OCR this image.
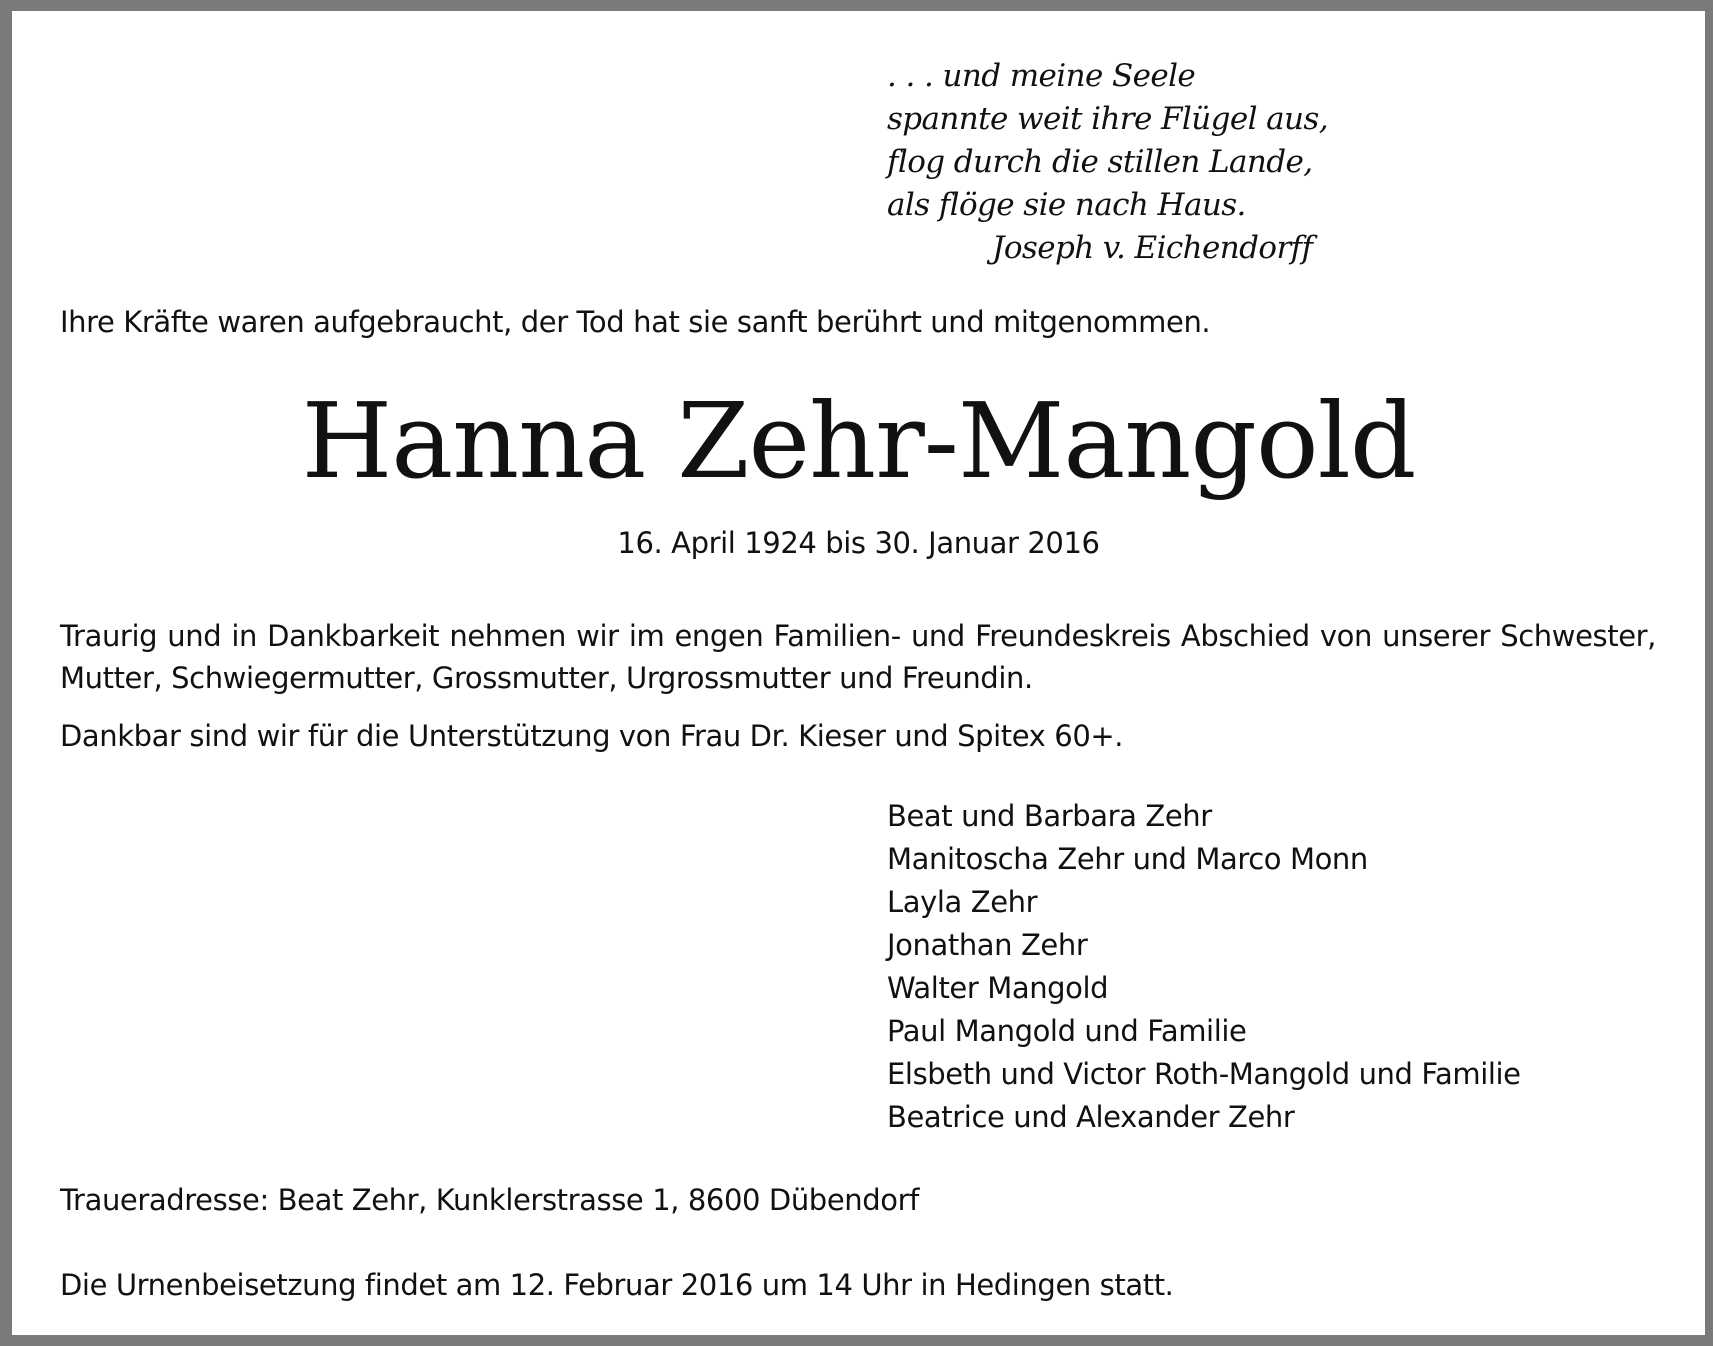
. . . und meine Seele
spannte weit ihre Flügel aus,
flog durch die stillen Lande,
als flöge sie nach Haus.
Joseph v. Eichendorff
Ihre Kräfte waren aufgebraucht, der Tod hat sie sanft berührt und mitgenommen.
Hanna Zehr-Mangold
16. April 1924 bis 30. Januar 2016
Traurig und in Dankbarkeit nehmen wir im engen Familien- und Freundeskreis Abschied von unserer Schwester, Mutter, Schwiegermutter, Grossmutter, Urgrossmutter und Freundin.
Dankbar sind wir für die Unterstützung von Frau Dr. Kieser und Spitex 60+.
Beat und Barbara Zehr
Manitoscha Zehr und Marco Monn
Layla Zehr
Jonathan Zehr
Walter Mangold
Paul Mangold und Familie
Elsbeth und Victor Roth-Mangold und Familie
Beatrice und Alexander Zehr
Traueradresse: Beat Zehr, Kunklerstrasse 1, 8600 Dübendorf
Die Urnenbeisetzung findet am 12. Februar 2016 um 14 Uhr in Hedingen statt.
